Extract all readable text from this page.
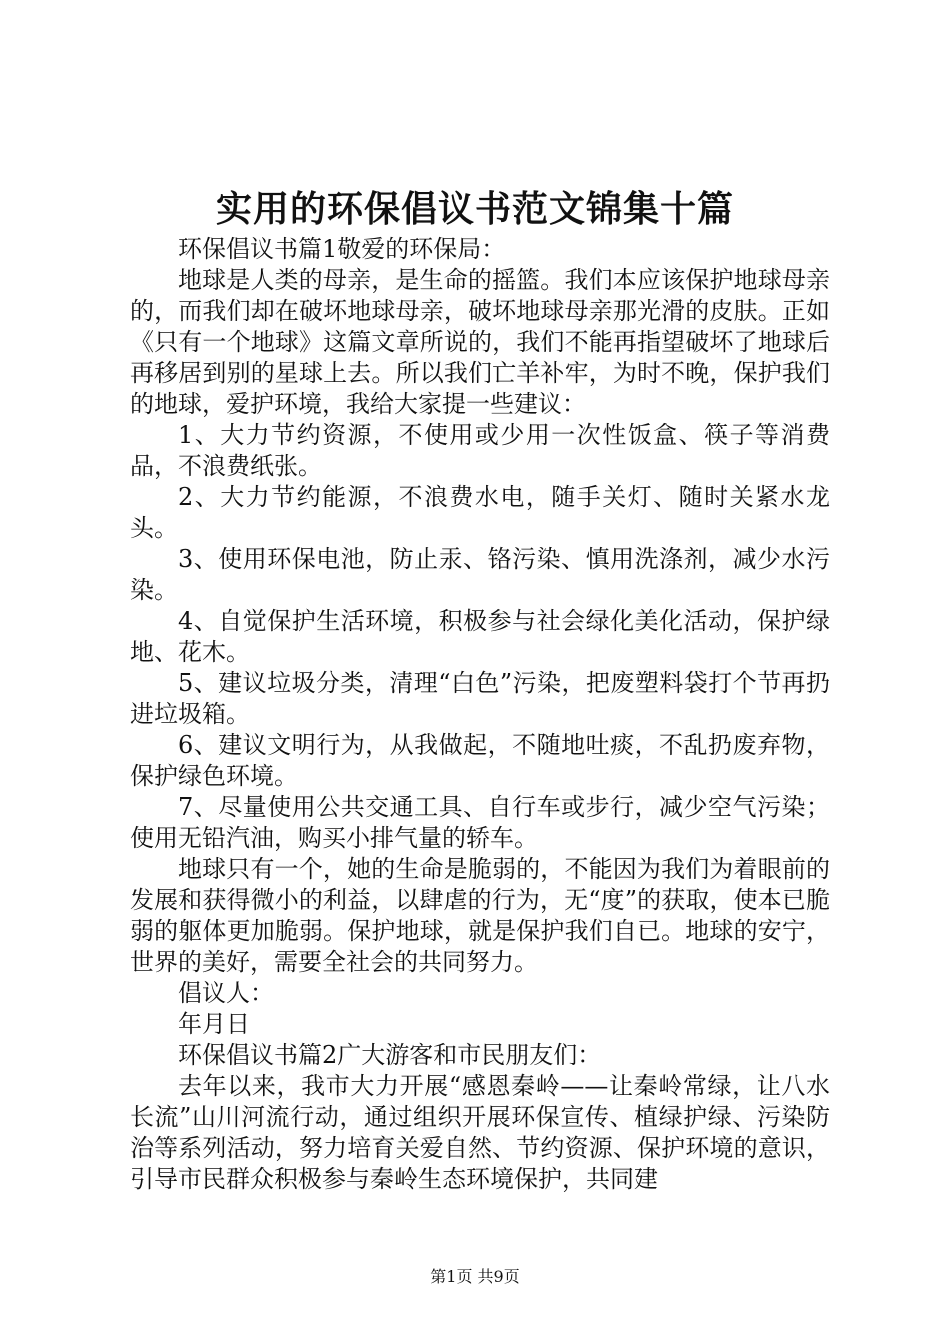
实用的环保倡议书范文锦集十篇

环保倡议书篇1敬爱的环保局：

地球是人类的母亲，是生命的摇篮。我们本应该保护地球母亲的，而我们却在破坏地球母亲，破坏地球母亲那光滑的皮肤。正如《只有一个地球》这篇文章所说的，我们不能再指望破坏了地球后再移居到别的星球上去。所以我们亡羊补牢，为时不晚，保护我们的地球，爱护环境，我给大家提一些建议：

1、大力节约资源，不使用或少用一次性饭盒、筷子等消费品，不浪费纸张。

2、大力节约能源，不浪费水电，随手关灯、随时关紧水龙头。

3、使用环保电池，防止汞、铬污染、慎用洗涤剂，减少水污染。

4、自觉保护生活环境，积极参与社会绿化美化活动，保护绿地、花木。

5、建议垃圾分类，清理“白色”污染，把废塑料袋打个节再扔进垃圾箱。

6、建议文明行为，从我做起，不随地吐痰，不乱扔废弃物，保护绿色环境。

7、尽量使用公共交通工具、自行车或步行，减少空气污染；使用无铅汽油，购买小排气量的轿车。

地球只有一个，她的生命是脆弱的，不能因为我们为着眼前的发展和获得微小的利益，以肆虐的行为，无“度”的获取，使本已脆弱的躯体更加脆弱。保护地球，就是保护我们自已。地球的安宁，世界的美好，需要全社会的共同努力。

倡议人：

年月日

环保倡议书篇2广大游客和市民朋友们：

去年以来，我市大力开展“感恩秦岭——让秦岭常绿，让八水长流”山川河流行动，通过组织开展环保宣传、植绿护绿、污染防治等系列活动，努力培育关爱自然、节约资源、保护环境的意识，引导市民群众积极参与秦岭生态环境保护，共同建

第1页 共9页
